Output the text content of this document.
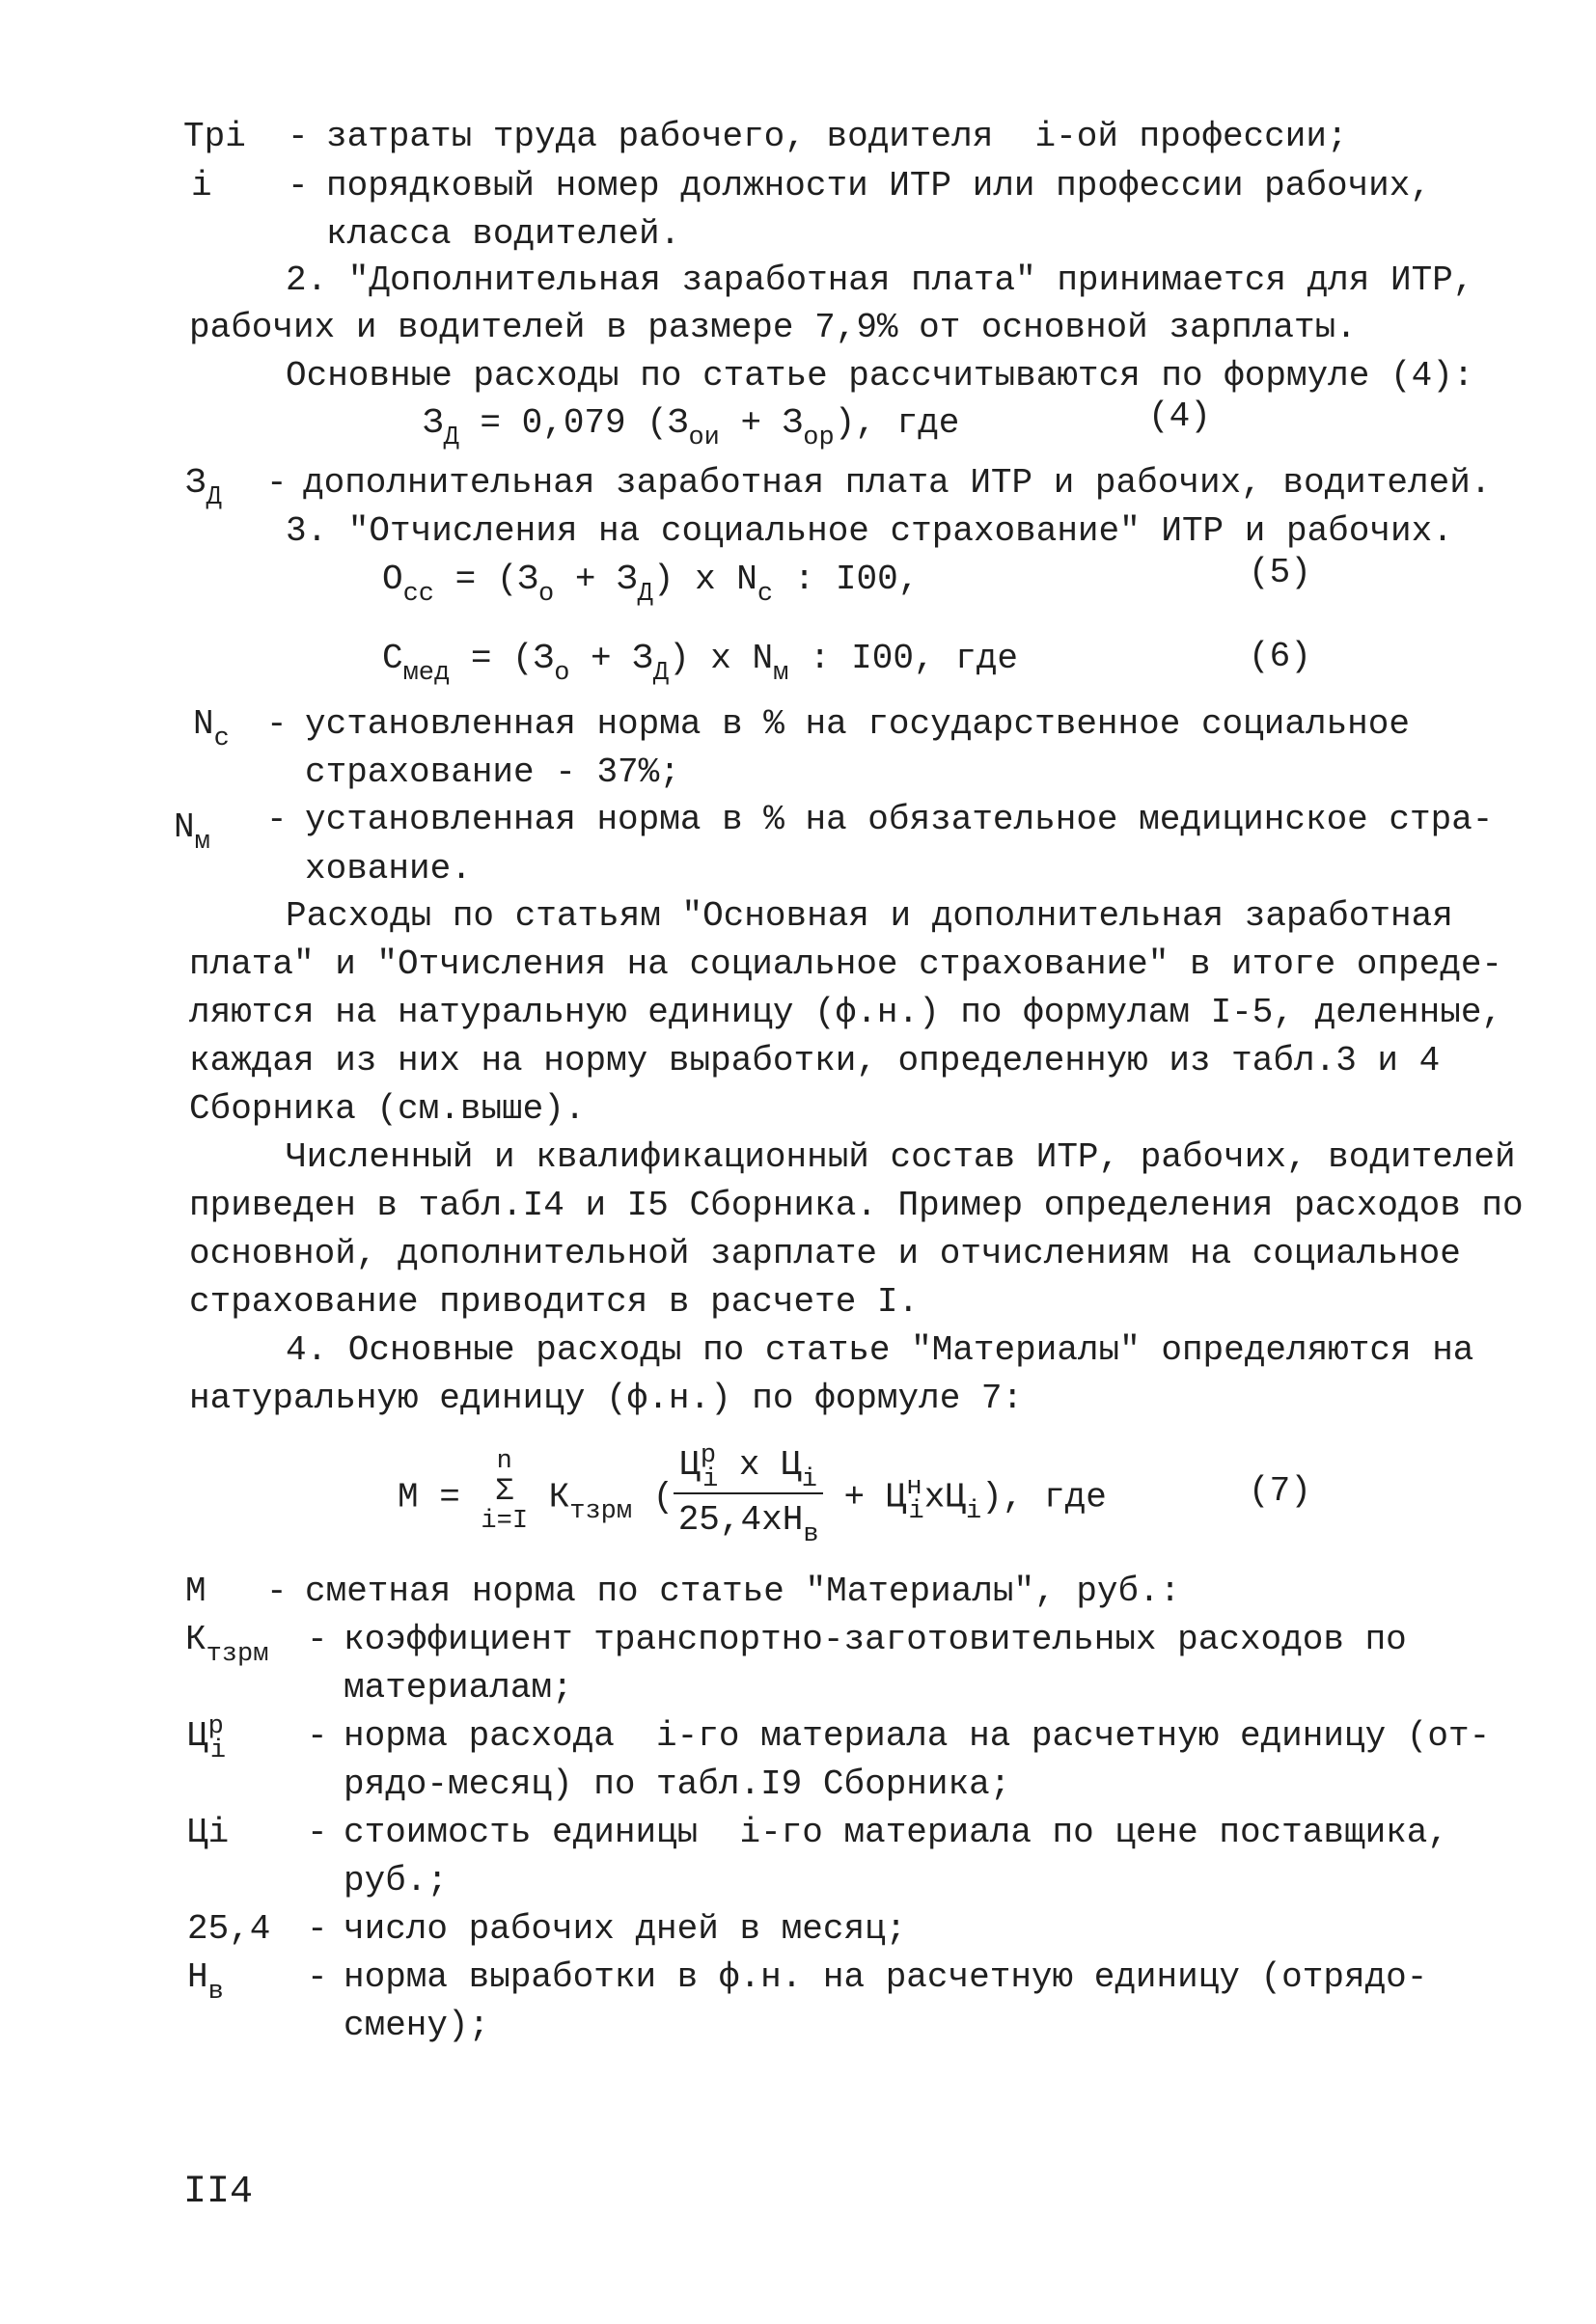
Трi - затраты труда рабочего, водителя  i-ой профессии;
i - порядковый номер должности ИТР или профессии рабочих,
класса водителей.
2. "Дополнительная заработная плата" принимается для ИТР,
рабочих и водителей в размере 7,9% от основной зарплаты.
Основные расходы по статье рассчитываются по формуле (4):
$З_Д = 0,079$ $(З_{ои} + З_{ор})$, где	(4)
$З_Д$ - дополнительная заработная плата ИТР и рабочих, водителей.
3. "Отчисления на социальное страхование" ИТР и рабочих.
$О_{сс} = (З_о + З_Д)$ x $N_с$ : I00,	(5)
$С_{мед} = (З_о + З_Д)$ x $N_м$ : I00, где	(6)
$N_с$ - установленная норма в % на государственное социальное
страхование - 37%;
$N_м$
- установленная норма в % на обязательное медицинское стра-
хование.
Расходы по статьям "Основная и дополнительная заработная
плата" и "Отчисления на социальное страхование" в итоге опреде-
ляются на натуральную единицу (ф.н.) по формулам I-5, деленные,
каждая из них на норму выработки, определенную из табл.3 и 4
Сборника (см.выше).
Численный и квалификационный состав ИТР, рабочих, водителей
приведен в табл.I4 и I5 Сборника. Пример определения расходов по
основной, дополнительной зарплате и отчислениям на социальное
страхование приводится в расчете I.
4. Основные расходы по статье "Материалы" определяются на
натуральную единицу (ф.н.) по формуле 7:
М =
n
Σ
i=I
$К_{тзрм}$ ( $\frac{Ц^р_i x Ц_i}{25,4xН_в} + Ц^н_ixЦ_i$), где	(7)
М - сметная норма по статье "Материалы", руб.:
$К_{тзрм}$ - коэффициент транспортно-заготовительных расходов по
материалам;
$Ц^р_i$ - норма расхода  i-го материала на расчетную единицу (от-
рядо-месяц) по табл.I9 Сборника;
Цi - стоимость единицы  i-го материала по цене поставщика,
руб.;
25,4 - число рабочих дней в месяц;
$Н_в$ - норма выработки в ф.н. на расчетную единицу (отрядо-
смену);
II4
